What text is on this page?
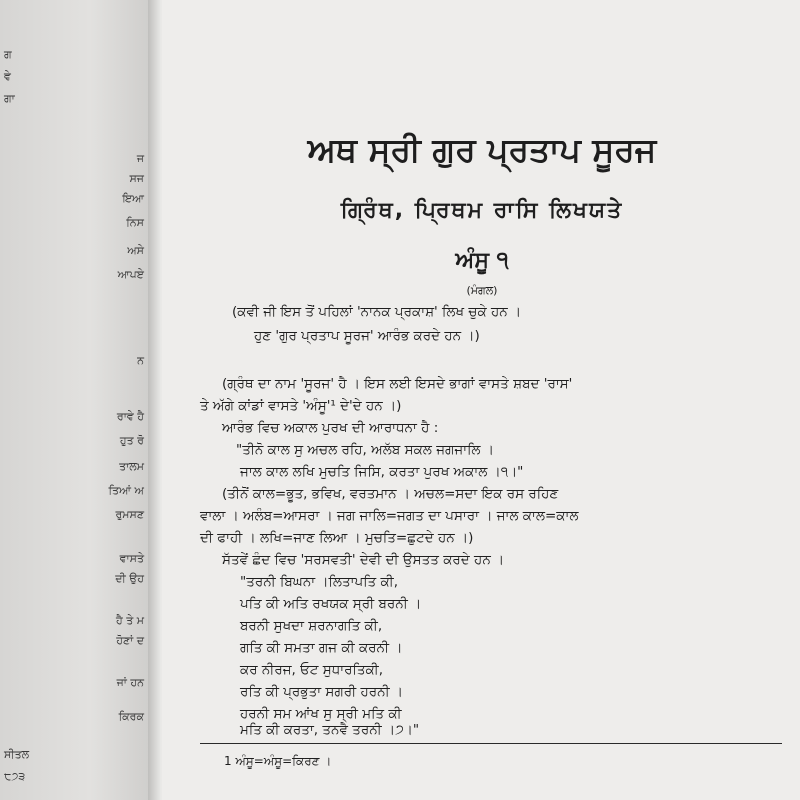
ਗ
ਵੇ
ਗਾ
ਜ
ਸਜ
ਇਆ
ਨਿਸ
ਅਸੇ
ਆਪਏ
ਨ
ਰਾਵੇ ਹੈ
ਹੁਤ ਰੋ
ਤਾਲਮ
ਤਿਆਂ ਅ
ਰੁਮਸਣ
ਵਾਸਤੇ
ਦੀ ਉਹ
ਹੈ ਤੇ ਮ
ਹੋਣਾਂ ਦ
ਜਾਂ ਹਨ
ਕਿਰਕ
ਸੀਤਲ
੮੭੩
ਅਥ ਸ੍ਰੀ ਗੁਰ ਪ੍ਰਤਾਪ ਸੂਰਜ
ਗ੍ਰਿੰਥ, ਪ੍ਰਿਥਮ ਰਾਸਿ ਲਿਖਯਤੇ
ਅੰਸੂ ੧
(ਮੰਗਲ)
(ਕਵੀ ਜੀ ਇਸ ਤੋਂ ਪਹਿਲਾਂ 'ਨਾਨਕ ਪ੍ਰਕਾਸ਼' ਲਿਖ ਚੁਕੇ ਹਨ ।
ਹੁਣ 'ਗੁਰ ਪ੍ਰਤਾਪ ਸੂਰਜ' ਆਰੰਭ ਕਰਦੇ ਹਨ ।)
(ਗ੍ਰੰਥ ਦਾ ਨਾਮ 'ਸੂਰਜ' ਹੈ । ਇਸ ਲਈ ਇਸਦੇ ਭਾਗਾਂ ਵਾਸਤੇ ਸ਼ਬਦ 'ਰਾਸ'
ਤੇ ਅੱਗੇ ਕਾਂਡਾਂ ਵਾਸਤੇ 'ਅੰਸੂ'¹ ਦੇ'ਦੇ ਹਨ ।)
ਆਰੰਭ ਵਿਚ ਅਕਾਲ ਪੁਰਖ ਦੀ ਆਰਾਧਨਾ ਹੈ :
"ਤੀਨੋ ਕਾਲ ਸੁ ਅਚਲ ਰਹਿ, ਅਲੱਬ ਸਕਲ ਜਗਜਾਲਿ ।
ਜਾਲ ਕਾਲ ਲਖਿ ਮੁਚਤਿ ਜਿਸਿ, ਕਰਤਾ ਪੁਰਖ ਅਕਾਲ ।੧।"
(ਤੀਨੋਂ ਕਾਲ=ਭੂਤ, ਭਵਿਖ, ਵਰਤਮਾਨ । ਅਚਲ=ਸਦਾ ਇਕ ਰਸ ਰਹਿਣ
ਵਾਲਾ । ਅਲੰਬ=ਆਸਰਾ । ਜਗ ਜਾਲਿ=ਜਗਤ ਦਾ ਪਸਾਰਾ । ਜਾਲ ਕਾਲ=ਕਾਲ
ਦੀ ਫਾਹੀ । ਲਖਿ=ਜਾਣ ਲਿਆ । ਮੁਚਤਿ=ਛੁਟਦੇ ਹਨ ।)
ਸੱਤਵੇਂ ਛੰਦ ਵਿਚ 'ਸਰਸਵਤੀ' ਦੇਵੀ ਦੀ ਉਸਤਤ ਕਰਦੇ ਹਨ ।
"ਤਰਨੀ ਬਿਘਨਾ ।ਲਿਤਾਪਤਿ ਕੀ,
ਪਤਿ ਕੀ ਅਤਿ ਰਖਯਕ ਸ੍ਰੀ ਬਰਨੀ ।
ਬਰਨੀ ਸੁਖਦਾ ਸ਼ਰਨਾਗਤਿ ਕੀ,
ਗਤਿ ਕੀ ਸਮਤਾ ਗਜ ਕੀ ਕਰਨੀ ।
ਕਰ ਨੀਰਜ, ਓਟ ਸੁਧਾਰਤਿਕੀ,
ਰਤਿ ਕੀ ਪ੍ਰਭੁਤਾ ਸਗਰੀ ਹਰਨੀ ।
ਹਰਨੀ ਸਮ ਆਂਖ ਸੁ ਸ੍ਰੀ ਮਤਿ ਕੀ
ਮਤਿ ਕੀ ਕਰਤਾ, ਤਨਵੈ ਤਰਨੀ ।੭।"
1 ਅੰਸੂ=ਅੰਸੂ=ਕਿਰਣ ।
